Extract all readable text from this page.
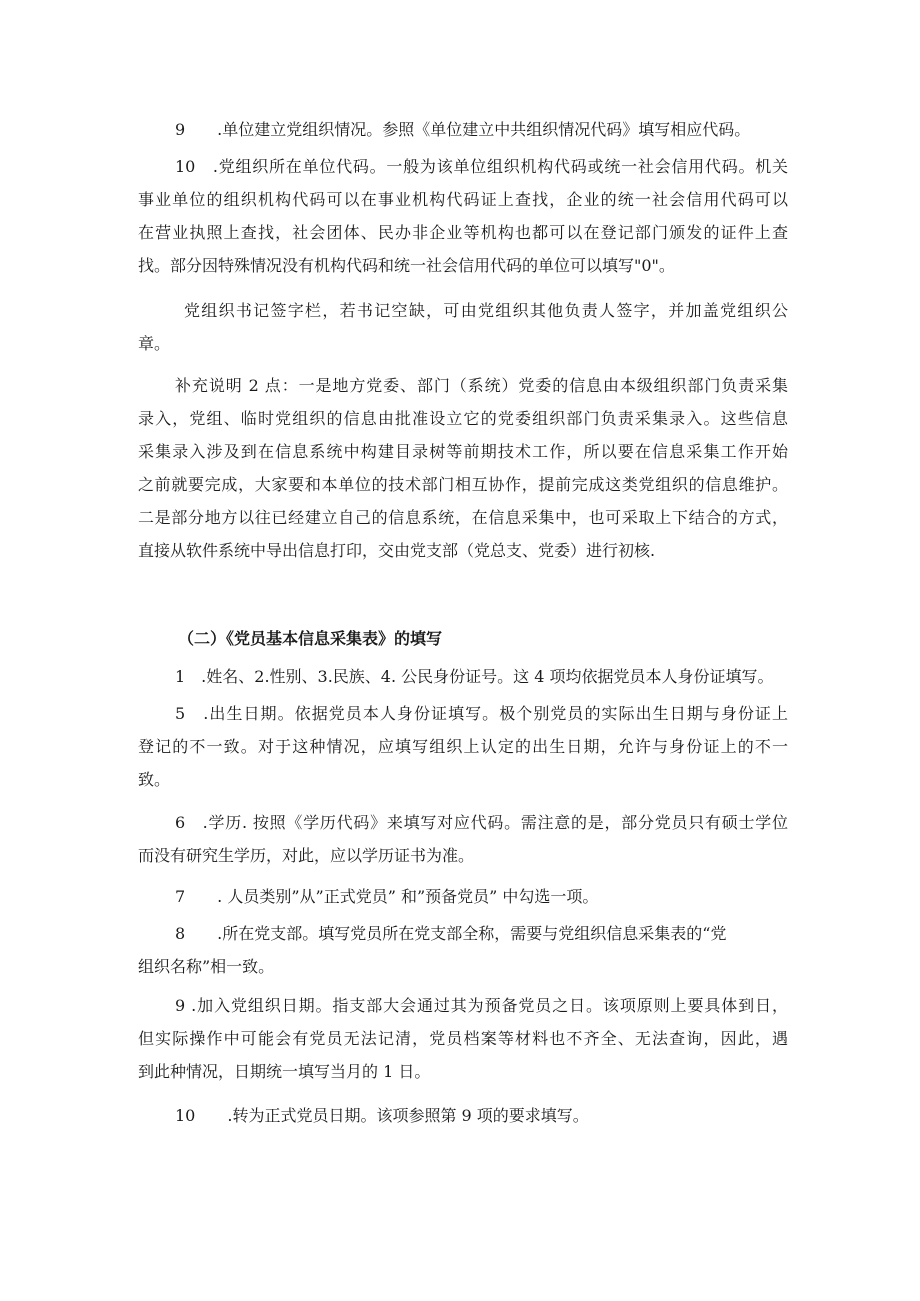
9　　.单位建立党组织情况。参照《单位建立中共组织情况代码》填写相应代码。
10　.党组织所在单位代码。一般为该单位组织机构代码或统一社会信用代码。机关
事业单位的组织机构代码可以在事业机构代码证上查找，企业的统一社会信用代码可以
在营业执照上查找，社会团体、民办非企业等机构也都可以在登记部门颁发的证件上查
找。部分因特殊情况没有机构代码和统一社会信用代码的单位可以填写"0"。
党组织书记签字栏，若书记空缺，可由党组织其他负责人签字，并加盖党组织公
章。
补充说明 2 点：一是地方党委、部门（系统）党委的信息由本级组织部门负责采集
录入，党组、临时党组织的信息由批准设立它的党委组织部门负责采集录入。这些信息
采集录入涉及到在信息系统中构建目录树等前期技术工作，所以要在信息采集工作开始
之前就要完成，大家要和本单位的技术部门相互协作，提前完成这类党组织的信息维护。
二是部分地方以往已经建立自己的信息系统，在信息采集中，也可采取上下结合的方式，
直接从软件系统中导出信息打印，交由党支部（党总支、党委）进行初核.
（二）《党员基本信息采集表》的填写
1　.姓名、2.性别、3.民族、4. 公民身份证号。这 4 项均依据党员本人身份证填写。
5　.出生日期。依据党员本人身份证填写。极个别党员的实际出生日期与身份证上
登记的不一致。对于这种情况，应填写组织上认定的出生日期，允许与身份证上的不一
致。
6　.学历. 按照《学历代码》来填写对应代码。需注意的是，部分党员只有硕士学位
而没有研究生学历，对此，应以学历证书为准。
7　　. 人员类别”从”正式党员” 和”预备党员” 中勾选一项。
8　　.所在党支部。填写党员所在党支部全称，需要与党组织信息采集表的“党
组织名称”相一致。
9 .加入党组织日期。指支部大会通过其为预备党员之日。该项原则上要具体到日，
但实际操作中可能会有党员无法记清，党员档案等材料也不齐全、无法查询，因此，遇
到此种情况，日期统一填写当月的 1 日。
10　　.转为正式党员日期。该项参照第 9 项的要求填写。
